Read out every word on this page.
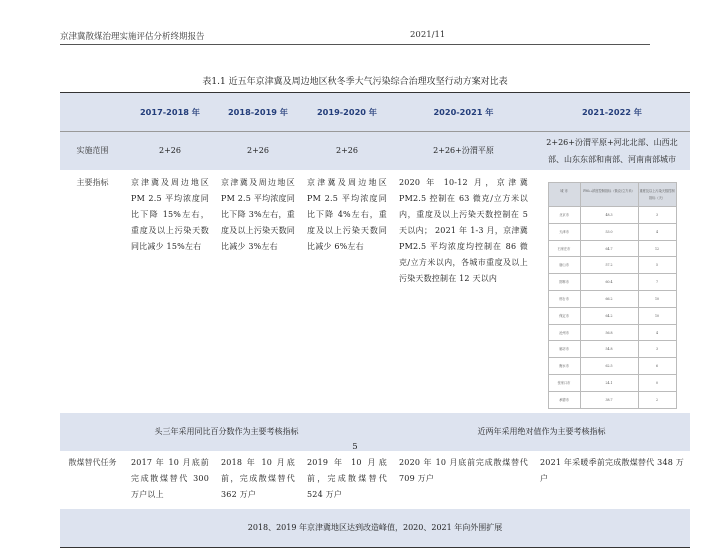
京津冀散煤治理实施评估分析终期报告	2021/11
表1.1 近五年京津冀及周边地区秋冬季大气污染综合治理攻坚行动方案对比表
	2017-2018 年	2018-2019 年	2019-2020 年	2020-2021 年	2021-2022 年
实施范围	2+26	2+26	2+26	2+26+汾渭平原	2+26+汾渭平原+河北北部、山西北部、山东东部和南部、河南南部城市
主要指标	京津冀及周边地区 PM 2.5 平均浓度同比下降 15%左右，重度及以上污染天数同比减少 15%左右	京津冀及周边地区 PM 2.5 平均浓度同比下降 3%左右，重度及以上污染天数同比减少 3%左右	京津冀及周边地区 PM 2.5 平均浓度同比下降 4%左右，重度及以上污染天数同比减少 6%左右	2020 年 10-12 月，京津冀 PM2.5 控制在 63 微克/立方米以内，重度及以上污染天数控制在 5 天以内； 2021 年 1-3 月，京津冀 PM2.5 平均浓度均控制在 86 微克/立方米以内，各城市重度及以上污染天数控制在 12 天以内	
城 市	PM₂.₅浓度控制指标（微克/立方米）	重度及以上污染天数控制指标（天）
北京市	48.3	3
天津市	53.0	4
石家庄市	64.7	12
唐山市	57.2	5
邯郸市	60.4	7
邢台市	66.2	10
保定市	64.2	10
沧州市	56.8	4
廊坊市	54.8	3
衡水市	62.5	6
张家口市	24.1	0
承德市	38.7	2

头三年采用同比百分数作为主要考核指标	近两年采用绝对值作为主要考核指标
散煤替代任务	2017 年 10 月底前完成散煤替代 300 万户以上	2018 年 10 月底前，完成散煤替代 362 万户	2019 年 10 月底前，完成散煤替代 524 万户	2020 年 10 月底前完成散煤替代 709 万户	2021 年采暖季前完成散煤替代 348 万户
2018、2019 年京津冀地区达到改造峰值，2020、2021 年向外围扩展
5
